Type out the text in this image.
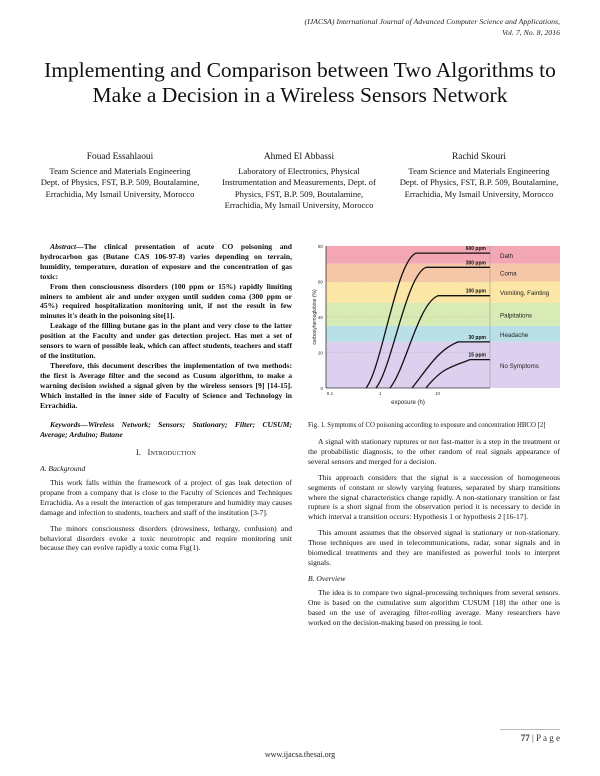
(IJACSA) International Journal of Advanced Computer Science and Applications,
Vol. 7, No. 8, 2016
Implementing and Comparison between Two Algorithms to Make a Decision in a Wireless Sensors Network
Fouad Essahlaoui
Team Science and Materials Engineering Dept. of Physics, FST, B.P. 509, Boutalamine, Errachidia, My Ismail University, Morocco
Ahmed El Abbassi
Laboratory of Electronics, Physical Instrumentation and Measurements, Dept. of Physics, FST, B.P. 509, Boutalamine, Errachidia, My Ismail University, Morocco
Rachid Skouri
Team Science and Materials Engineering Dept. of Physics, FST, B.P. 509, Boutalamine, Errachidia, My Ismail University, Morocco

Abstract—The clinical presentation of acute CO poisoning and hydrocarbon gas (Butane CAS 106-97-8) varies depending on terrain, humidity, temperature, duration of exposure and the concentration of gas toxic:

From then consciousness disorders (100 ppm or 15%) rapidly limiting miners to ambient air and under oxygen until sudden coma (300 ppm or 45%) required hospitalization monitoring unit, if not the result in few minutes it's death in the poisoning site[1].

Leakage of the filling butane gas in the plant and very close to the latter position at the Faculty and under gas detection project. Has met a set of sensors to warn of possible leak, which can affect students, teachers and staff of the institution.

Therefore, this document describes the implementation of two methods: the first is Average filter and the second as Cusum algorithm, to make a warning decision swished a signal given by the wireless sensors [9] [14-15]. Which installed in the inner side of Faculty of Science and Technology in Errachidia.

Keywords—Wireless Network; Sensors; Stationary; Filter; CUSUM; Average; Arduino; Butane

I. Introduction
A. Background

This work falls within the framework of a project of gas leak detection of propane from a company that is close to the Faculty of Sciences and Techniques Errachidia. As a result the interaction of gas temperature and humidity may causes damage and infection to students, teachers and staff of the institution [3-7].

The minors consciousness disorders (drowsiness, lethargy, confusion) and behavioral disorders evoke a toxic neurotropic and require monitoring unit because they can evolve rapidly a toxic coma Fig(1).

Dath
Coma
Vomiting, Fainting
Palpitations
Headache
No Symptoms
80
60
40
20
0
0.1	1	10
exposure (h)
carboxyhemoglobine (%)
600 ppm
300 ppm
100 ppm
30 ppm
15 ppm
Fig. 1. Symptoms of CO poisoning according to exposure and concentration HBCO [2]

A signal with stationary ruptures or not fast-matter is a step in the treatment or the probabilistic diagnosis, to the other random of real signals appearance of several sensors and merged for a decision.

This approach considers that the signal is a succession of homogeneous segments of constant or slowly varying features, separated by sharp transitions where the signal characteristics change rapidly. A non-stationary transition or fast rupture is a short signal from the observation period it is necessary to decide in which interval a transition occurs: Hypothesis 1 or hypothesis 2 [16-17].

This amount assumes that the observed signal is stationary or non-stationary. Those techniques are used in telecommunications, radar, sonar signals and in biomedical treatments and they are manifested as powerful tools to interpret signals.

B. Overview

The idea is to compare two signal-processing techniques from several sensors. One is based on the cumulative sum algorithm CUSUM [18] the other one is based on the use of averaging filter-rolling average. Many researchers have worked on the decision-making based on pressing ie tool.

77 | P a g e
www.ijacsa.thesai.org
